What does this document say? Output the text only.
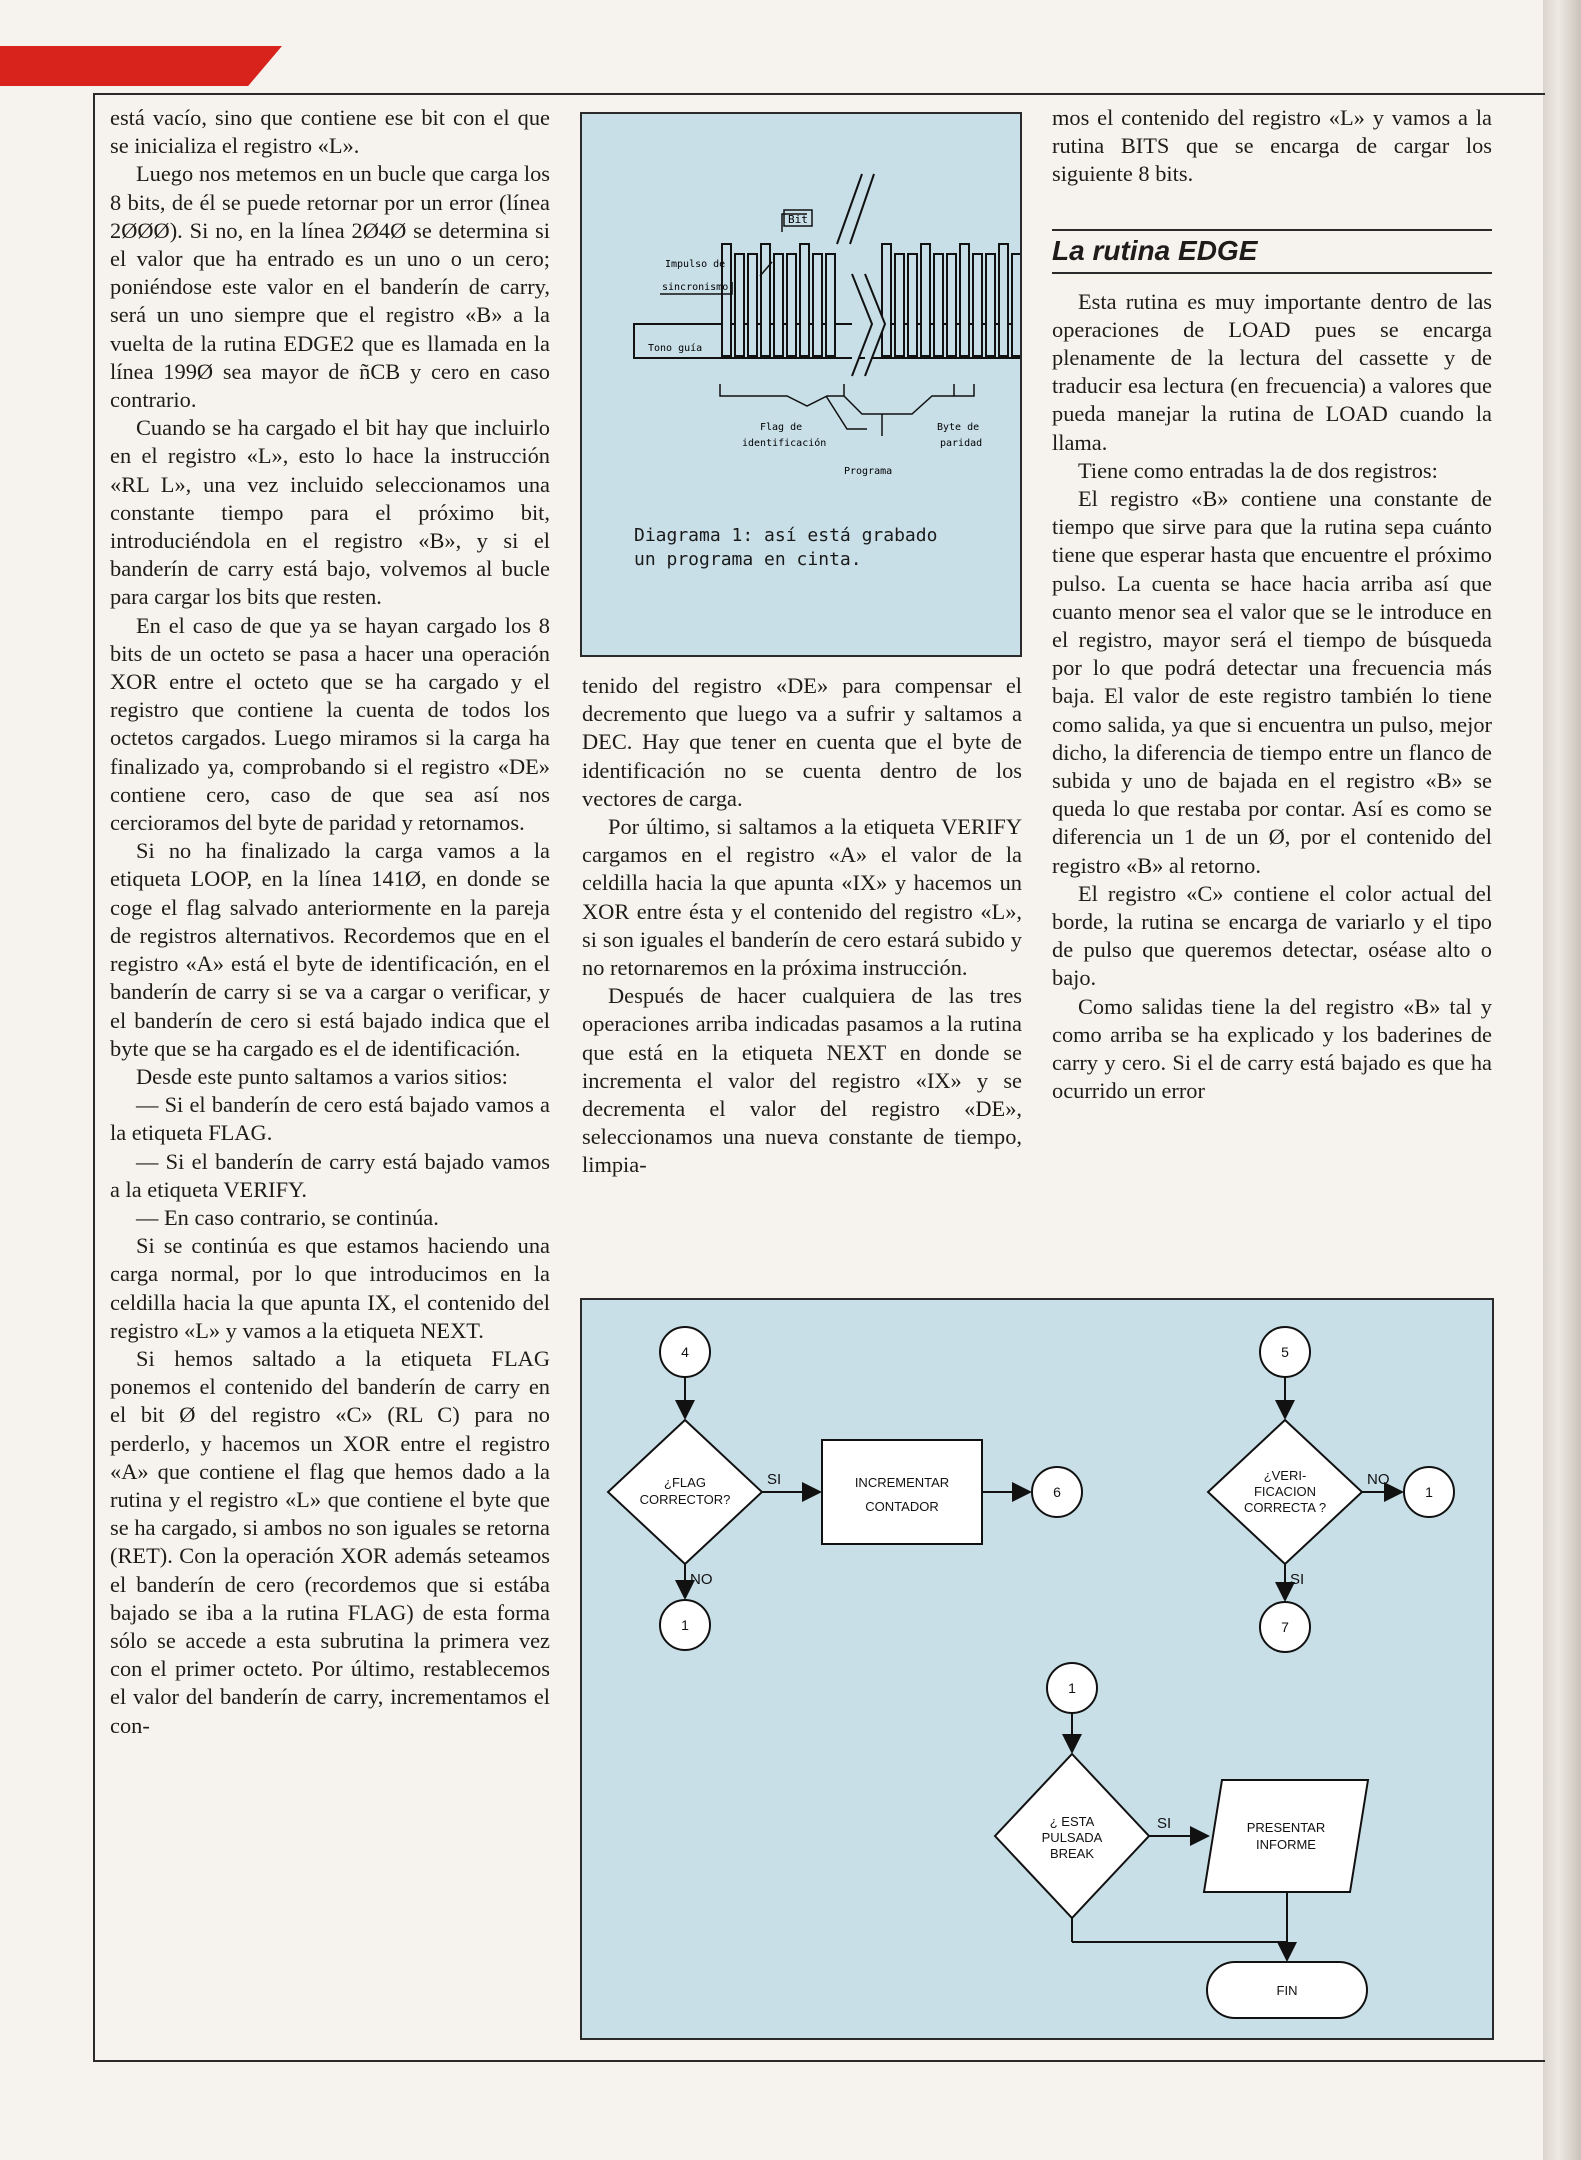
está vacío, sino que contiene ese bit con el que se inicializa el registro «L».

Luego nos metemos en un bucle que carga los 8 bits, de él se puede retornar por un error (línea 2ØØØ). Si no, en la línea 2Ø4Ø se determina si el valor que ha entrado es un uno o un cero; poniéndose este valor en el banderín de carry, será un uno siempre que el registro «B» a la vuelta de la rutina EDGE2 que es llamada en la línea 199Ø sea mayor de ñCB y cero en caso contrario.

Cuando se ha cargado el bit hay que incluirlo en el registro «L», esto lo hace la instrucción «RL L», una vez incluido seleccionamos una constante tiempo para el próximo bit, introduciéndola en el registro «B», y si el banderín de carry está bajo, volvemos al bucle para cargar los bits que resten.

En el caso de que ya se hayan cargado los 8 bits de un octeto se pasa a hacer una operación XOR entre el octeto que se ha cargado y el registro que contiene la cuenta de todos los octetos cargados. Luego miramos si la carga ha finalizado ya, comprobando si el registro «DE» contiene cero, caso de que sea así nos cercioramos del byte de paridad y retornamos.

Si no ha finalizado la carga vamos a la etiqueta LOOP, en la línea 141Ø, en donde se coge el flag salvado anteriormente en la pareja de registros alternativos. Recordemos que en el registro «A» está el byte de identificación, en el banderín de carry si se va a cargar o verificar, y el banderín de cero si está bajado indica que el byte que se ha cargado es el de identificación.

Desde este punto saltamos a varios sitios:

— Si el banderín de cero está bajado vamos a la etiqueta FLAG.

— Si el banderín de carry está bajado vamos a la etiqueta VERIFY.

— En caso contrario, se continúa.

Si se continúa es que estamos haciendo una carga normal, por lo que introducimos en la celdilla hacia la que apunta IX, el contenido del registro «L» y vamos a la etiqueta NEXT.

Si hemos saltado a la etiqueta FLAG ponemos el contenido del banderín de carry en el bit Ø del registro «C» (RL C) para no perderlo, y hacemos un XOR entre el registro «A» que contiene el flag que hemos dado a la rutina y el registro «L» que contiene el byte que se ha cargado, si ambos no son iguales se retorna (RET). Con la operación XOR además seteamos el banderín de cero (recordemos que si estába bajado se iba a la rutina FLAG) de esta forma sólo se accede a esta subrutina la primera vez con el primer octeto. Por último, restablecemos el valor del banderín de carry, incrementamos el con-

Bit
Impulso de
sincronismo
Tono guía
Flag de
identificación
Byte de
paridad
Programa
Diagrama 1: así está grabado
un programa en cinta.

tenido del registro «DE» para compensar el decremento que luego va a sufrir y saltamos a DEC. Hay que tener en cuenta que el byte de identificación no se cuenta dentro de los vectores de carga.

Por último, si saltamos a la etiqueta VERIFY cargamos en el registro «A» el valor de la celdilla hacia la que apunta «IX» y hacemos un XOR entre ésta y el contenido del registro «L», si son iguales el banderín de cero estará subido y no retornaremos en la próxima instrucción.

Después de hacer cualquiera de las tres operaciones arriba indicadas pasamos a la rutina que está en la etiqueta NEXT en donde se incrementa el valor del registro «IX» y se decrementa el valor del registro «DE», seleccionamos una nueva constante de tiempo, limpia-

mos el contenido del registro «L» y vamos a la rutina BITS que se encarga de cargar los siguiente 8 bits.

La rutina EDGE

Esta rutina es muy importante dentro de las operaciones de LOAD pues se encarga plenamente de la lectura del cassette y de traducir esa lectura (en frecuencia) a valores que pueda manejar la rutina de LOAD cuando la llama.

Tiene como entradas la de dos registros:

El registro «B» contiene una constante de tiempo que sirve para que la rutina sepa cuánto tiene que esperar hasta que encuentre el próximo pulso. La cuenta se hace hacia arriba así que cuanto menor sea el valor que se le introduce en el registro, mayor será el tiempo de búsqueda por lo que podrá detectar una frecuencia más baja. El valor de este registro también lo tiene como salida, ya que si encuentra un pulso, mejor dicho, la diferencia de tiempo entre un flanco de subida y uno de bajada en el registro «B» se queda lo que restaba por contar. Así es como se diferencia un 1 de un Ø, por el contenido del registro «B» al retorno.

El registro «C» contiene el color actual del borde, la rutina se encarga de variarlo y el tipo de pulso que queremos detectar, oséase alto o bajo.

Como salidas tiene la del registro «B» tal y como arriba se ha explicado y los baderines de carry y cero. Si el de carry está bajado es que ha ocurrido un error

4
6
1
5
1
7
1
¿FLAG
CORRECTOR?
INCREMENTAR
CONTADOR
¿VERI-
FICACION
CORRECTA ?
¿ ESTA
PULSADA
BREAK
PRESENTAR
INFORME
FIN
SI
NO
NO
SI
SI
